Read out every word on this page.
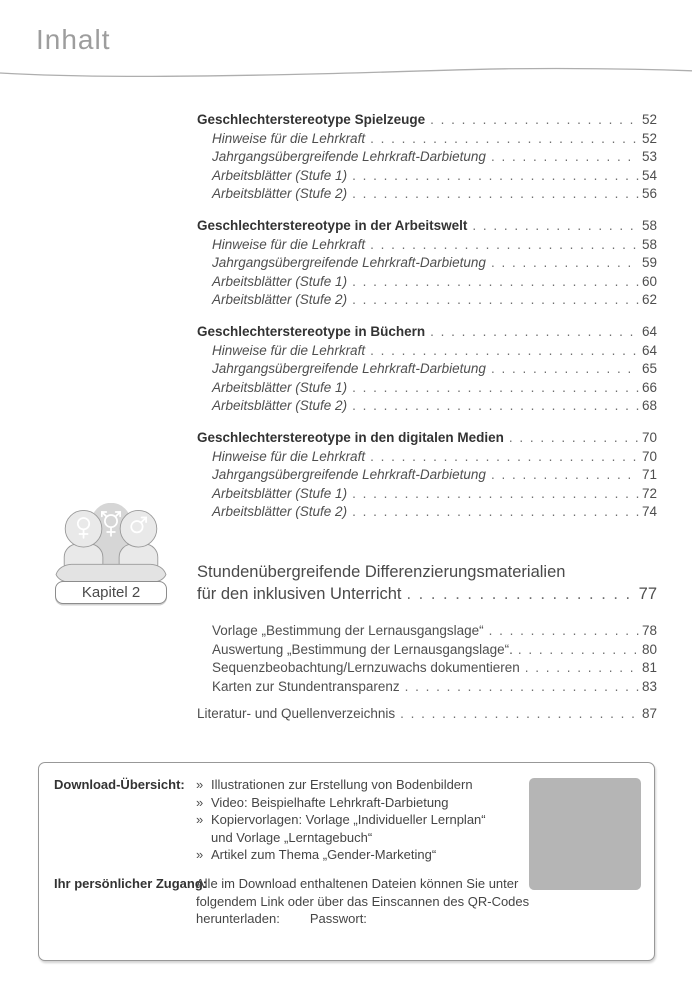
Inhalt
Geschlechterstereotype Spielzeuge . . .	52
Hinweise für die Lehrkraft . . .	52
Jahrgangsübergreifende Lehrkraft-Darbietung . . .	53
Arbeitsblätter (Stufe 1) . . .	54
Arbeitsblätter (Stufe 2) . . .	56
Geschlechterstereotype in der Arbeitswelt . . .	58
Hinweise für die Lehrkraft . . .	58
Jahrgangsübergreifende Lehrkraft-Darbietung . . .	59
Arbeitsblätter (Stufe 1) . . .	60
Arbeitsblätter (Stufe 2) . . .	62
Geschlechterstereotype in Büchern . . .	64
Hinweise für die Lehrkraft . . .	64
Jahrgangsübergreifende Lehrkraft-Darbietung . . .	65
Arbeitsblätter (Stufe 1) . . .	66
Arbeitsblätter (Stufe 2) . . .	68
Geschlechterstereotype in den digitalen Medien . . .	70
Hinweise für die Lehrkraft . . .	70
Jahrgangsübergreifende Lehrkraft-Darbietung . . .	71
Arbeitsblätter (Stufe 1) . . .	72
Arbeitsblätter (Stufe 2) . . .	74
Stundenübergreifende Differenzierungsmaterialien
für den inklusiven Unterricht . . .	77
Vorlage „Bestimmung der Lernausgangslage“ . . .	78
Auswertung „Bestimmung der Lernausgangslage“. . . .	80
Sequenzbeobachtung/Lernzuwachs dokumentieren . . .	81
Karten zur Stundentransparenz . . .	83
Literatur- und Quellenverzeichnis . . .	87
Kapitel 2
Download-Übersicht: » Illustrationen zur Erstellung von Bodenbildern
» Video: Beispielhafte Lehrkraft-Darbietung
» Kopiervorlagen: Vorlage „Individueller Lernplan“
und Vorlage „Lerntagebuch“
» Artikel zum Thema „Gender-Marketing“
Ihr persönlicher Zugang:
Alle im Download enthaltenen Dateien können Sie unter
folgendem Link oder über das Einscannen des QR-Codes
herunterladen: Passwort:
